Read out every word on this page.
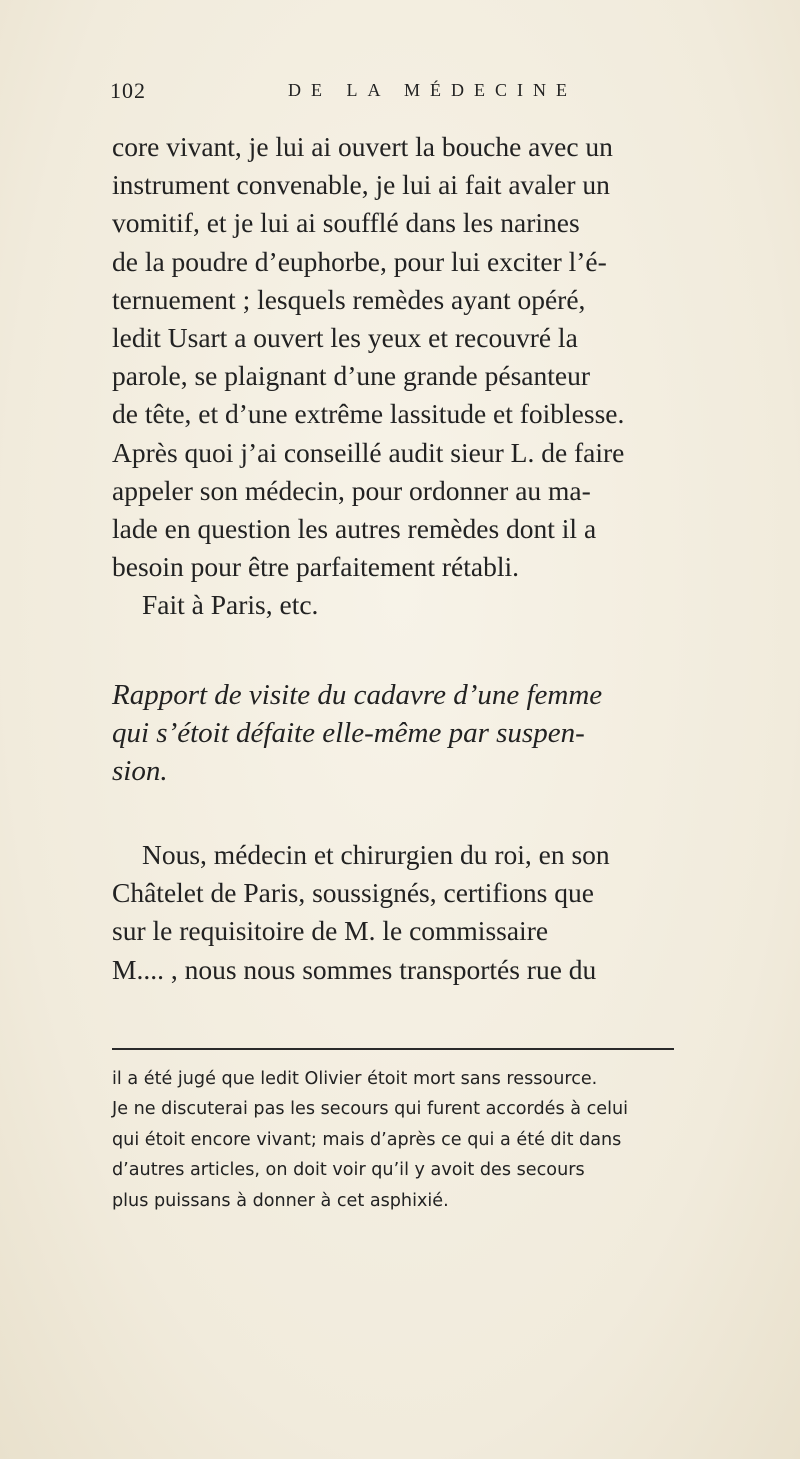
102	DE LA MÉDECINE
core vivant, je lui ai ouvert la bouche avec un
instrument convenable, je lui ai fait avaler un
vomitif, et je lui ai soufflé dans les narines
de la poudre d’euphorbe, pour lui exciter l’é-
ternuement ; lesquels remèdes ayant opéré,
ledit Usart a ouvert les yeux et recouvré la
parole, se plaignant d’une grande pésanteur
de tête, et d’une extrême lassitude et foiblesse.
Après quoi j’ai conseillé audit sieur L. de faire
appeler son médecin, pour ordonner au ma-
lade en question les autres remèdes dont il a
besoin pour être parfaitement rétabli.
Fait à Paris, etc.
Rapport de visite du cadavre d’une femme
qui s’étoit défaite elle-même par suspen-
sion.
Nous, médecin et chirurgien du roi, en son
Châtelet de Paris, soussignés, certifions que
sur le requisitoire de M. le commissaire
M.... , nous nous sommes transportés rue du
il a été jugé que ledit Olivier étoit mort sans ressource.
Je ne discuterai pas les secours qui furent accordés à celui
qui étoit encore vivant; mais d’après ce qui a été dit dans
d’autres articles, on doit voir qu’il y avoit des secours
plus puissans à donner à cet asphixié.
